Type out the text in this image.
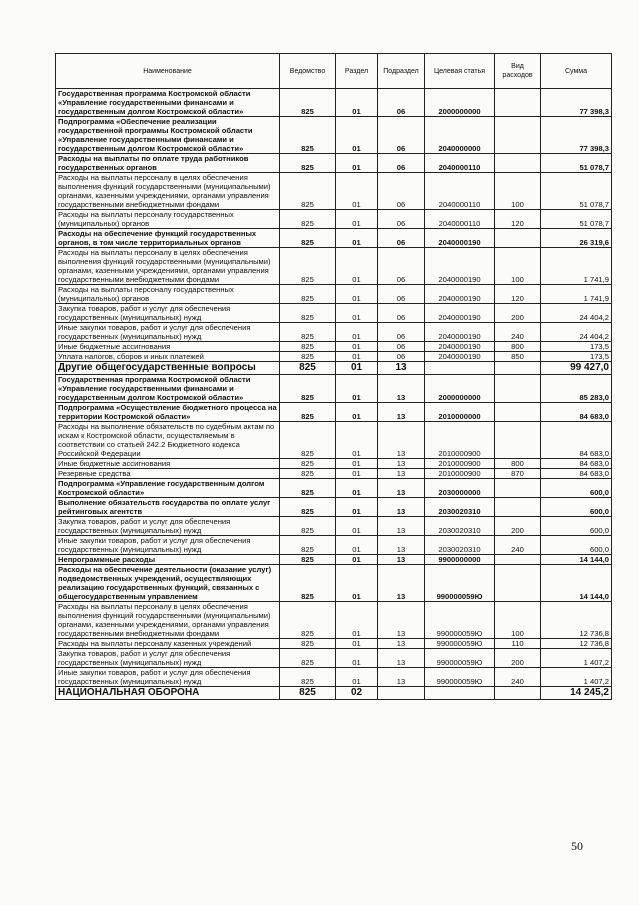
Наименование	Ведомство	Раздел	Подраздел	Целевая статья	Вид расходов	Сумма
Государственная программа Костромской области «Управление государственными финансами и государственным долгом Костромской области»	825	01	06	2000000000		77 398,3
Подпрограмма «Обеспечение реализации государственной программы Костромской области «Управление государственными финансами и государственным долгом Костромской области»	825	01	06	2040000000		77 398,3
Расходы на выплаты по оплате труда работников государственных органов	825	01	06	2040000110		51 078,7
Расходы на выплаты персоналу в целях обеспечения выполнения функций государственными (муниципальными) органами, казенными учреждениями, органами управления государственными внебюджетными фондами	825	01	06	2040000110	100	51 078,7
Расходы на выплаты персоналу государственных (муниципальных) органов	825	01	06	2040000110	120	51 078,7
Расходы на обеспечение функций государственных органов, в том числе территориальных органов	825	01	06	2040000190		26 319,6
Расходы на выплаты персоналу в целях обеспечения выполнения функций государственными (муниципальными) органами, казенными учреждениями, органами управления государственными внебюджетными фондами	825	01	06	2040000190	100	1 741,9
Расходы на выплаты персоналу государственных (муниципальных) органов	825	01	06	2040000190	120	1 741,9
Закупка товаров, работ и услуг для обеспечения государственных (муниципальных) нужд	825	01	06	2040000190	200	24 404,2
Иные закупки товаров, работ и услуг для обеспечения государственных (муниципальных) нужд	825	01	06	2040000190	240	24 404,2
Иные бюджетные ассигнования	825	01	06	2040000190	800	173,5
Уплата налогов, сборов и иных платежей	825	01	06	2040000190	850	173,5
Другие общегосударственные вопросы	825	01	13			99 427,0
Государственная программа Костромской области «Управление государственными финансами и государственным долгом Костромской области»	825	01	13	2000000000		85 283,0
Подпрограмма «Осуществление бюджетного процесса на территории Костромской области»	825	01	13	2010000000		84 683,0
Расходы на выполнение обязательств по судебным актам по искам к Костромской области, осуществляемым в соответствии со статьей 242.2 Бюджетного кодекса Российской Федерации	825	01	13	2010000900		84 683,0
Иные бюджетные ассигнования	825	01	13	2010000900	800	84 683,0
Резервные средства	825	01	13	2010000900	870	84 683,0
Подпрограмма «Управление государственным долгом Костромской области»	825	01	13	2030000000		600,0
Выполнение обязательств государства по оплате услуг рейтинговых агентств	825	01	13	2030020310		600,0
Закупка товаров, работ и услуг для обеспечения государственных (муниципальных) нужд	825	01	13	2030020310	200	600,0
Иные закупки товаров, работ и услуг для обеспечения государственных (муниципальных) нужд	825	01	13	2030020310	240	600,0
Непрограммные расходы	825	01	13	9900000000		14 144,0
Расходы на обеспечение деятельности (оказание услуг) подведомственных учреждений, осуществляющих реализацию государственных функций, связанных с общегосударственным управлением	825	01	13	990000059Ю		14 144,0
Расходы на выплаты персоналу в целях обеспечения выполнения функций государственными (муниципальными) органами, казенными учреждениями, органами управления государственными внебюджетными фондами	825	01	13	990000059Ю	100	12 736,8
Расходы на выплаты персоналу казенных учреждений	825	01	13	990000059Ю	110	12 736,8
Закупка товаров, работ и услуг для обеспечения государственных (муниципальных) нужд	825	01	13	990000059Ю	200	1 407,2
Иные закупки товаров, работ и услуг для обеспечения государственных (муниципальных) нужд	825	01	13	990000059Ю	240	1 407,2
НАЦИОНАЛЬНАЯ ОБОРОНА	825	02				14 245,2
50
